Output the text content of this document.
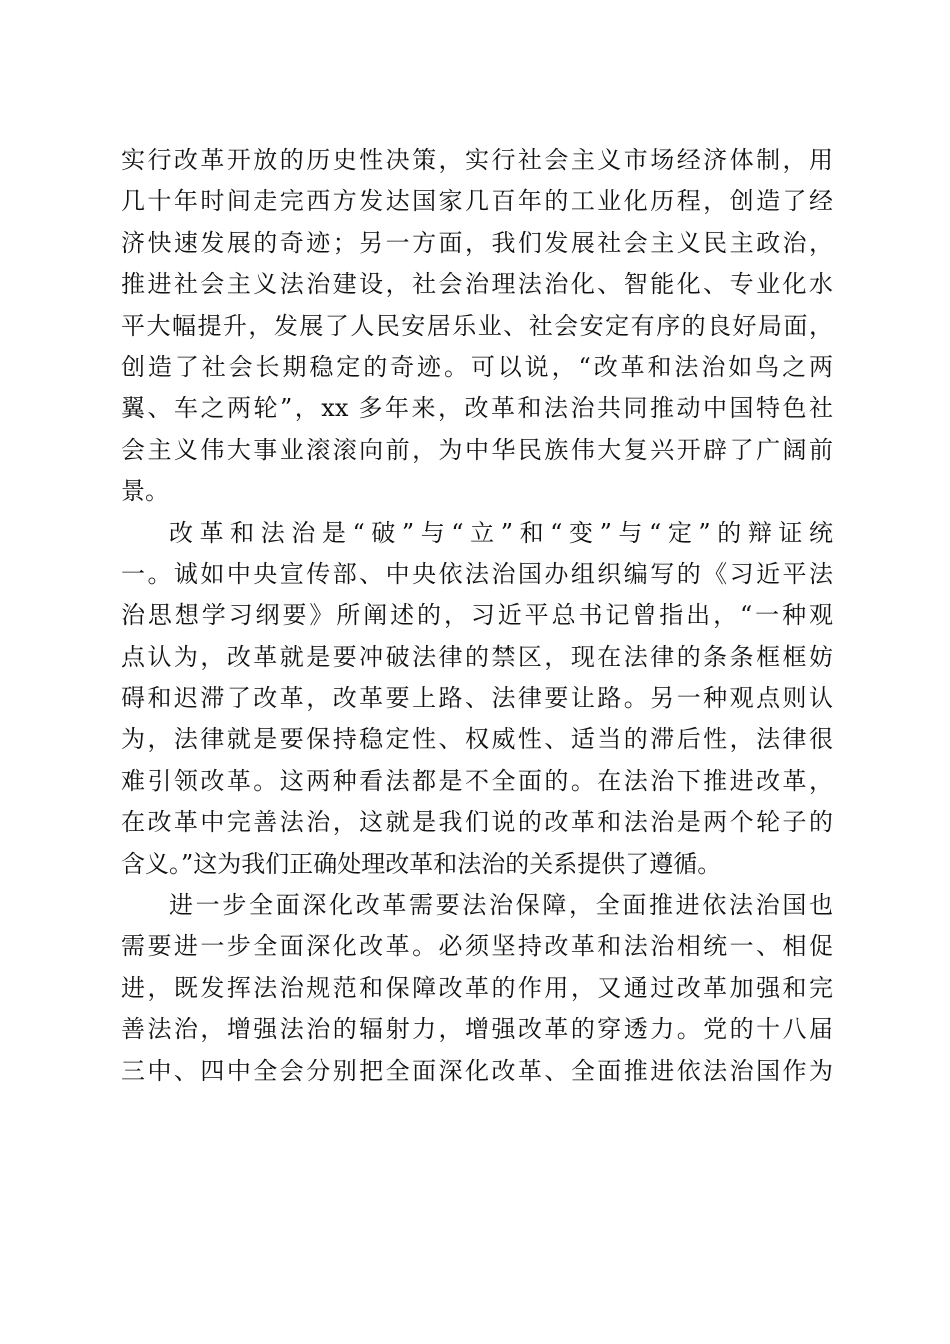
实行改革开放的历史性决策，实行社会主义市场经济体制，用
几十年时间走完西方发达国家几百年的工业化历程，创造了经
济快速发展的奇迹；另一方面，我们发展社会主义民主政治，
推进社会主义法治建设，社会治理法治化、智能化、专业化水
平大幅提升，发展了人民安居乐业、社会安定有序的良好局面，
创造了社会长期稳定的奇迹。可以说，“改革和法治如鸟之两
翼、车之两轮”，xx 多年来，改革和法治共同推动中国特色社
会主义伟大事业滚滚向前，为中华民族伟大复兴开辟了广阔前
景。
改革和法治是“破”与“立”和“变”与“定”的辩证统
一。诚如中央宣传部、中央依法治国办组织编写的《习近平法
治思想学习纲要》所阐述的，习近平总书记曾指出，“一种观
点认为，改革就是要冲破法律的禁区，现在法律的条条框框妨
碍和迟滞了改革，改革要上路、法律要让路。另一种观点则认
为，法律就是要保持稳定性、权威性、适当的滞后性，法律很
难引领改革。这两种看法都是不全面的。在法治下推进改革，
在改革中完善法治，这就是我们说的改革和法治是两个轮子的
含义。”这为我们正确处理改革和法治的关系提供了遵循。
进一步全面深化改革需要法治保障，全面推进依法治国也
需要进一步全面深化改革。必须坚持改革和法治相统一、相促
进，既发挥法治规范和保障改革的作用，又通过改革加强和完
善法治，增强法治的辐射力，增强改革的穿透力。党的十八届
三中、四中全会分别把全面深化改革、全面推进依法治国作为
